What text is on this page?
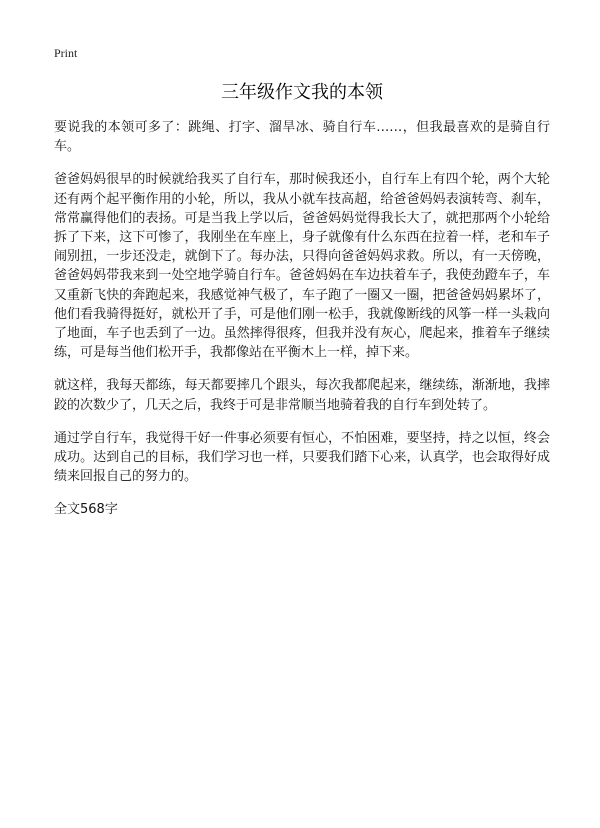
Print
三年级作文我的本领

要说我的本领可多了：跳绳、打字、溜旱冰、骑自行车……，但我最喜欢的是骑自行车。

爸爸妈妈很早的时候就给我买了自行车，那时候我还小，自行车上有四个轮，两个大轮还有两个起平衡作用的小轮，所以，我从小就车技高超，给爸爸妈妈表演转弯、刹车，常常赢得他们的表扬。可是当我上学以后，爸爸妈妈觉得我长大了，就把那两个小轮给拆了下来，这下可惨了，我刚坐在车座上，身子就像有什么东西在拉着一样，老和车子闹别扭，一步还没走，就倒下了。每办法，只得向爸爸妈妈求救。所以，有一天傍晚，爸爸妈妈带我来到一处空地学骑自行车。爸爸妈妈在车边扶着车子，我使劲蹬车子，车又重新飞快的奔跑起来，我感觉神气极了，车子跑了一圈又一圈，把爸爸妈妈累坏了，他们看我骑得挺好，就松开了手，可是他们刚一松手，我就像断线的风筝一样一头栽向了地面，车子也丢到了一边。虽然摔得很疼，但我并没有灰心，爬起来，推着车子继续练，可是每当他们松开手，我都像站在平衡木上一样，掉下来。

就这样，我每天都练，每天都要摔几个跟头，每次我都爬起来，继续练，渐渐地，我摔跤的次数少了，几天之后，我终于可是非常顺当地骑着我的自行车到处转了。

通过学自行车，我觉得干好一件事必须要有恒心，不怕困难，要坚持，持之以恒，终会成功。达到自己的目标，我们学习也一样，只要我们踏下心来，认真学，也会取得好成绩来回报自己的努力的。

全文568字
